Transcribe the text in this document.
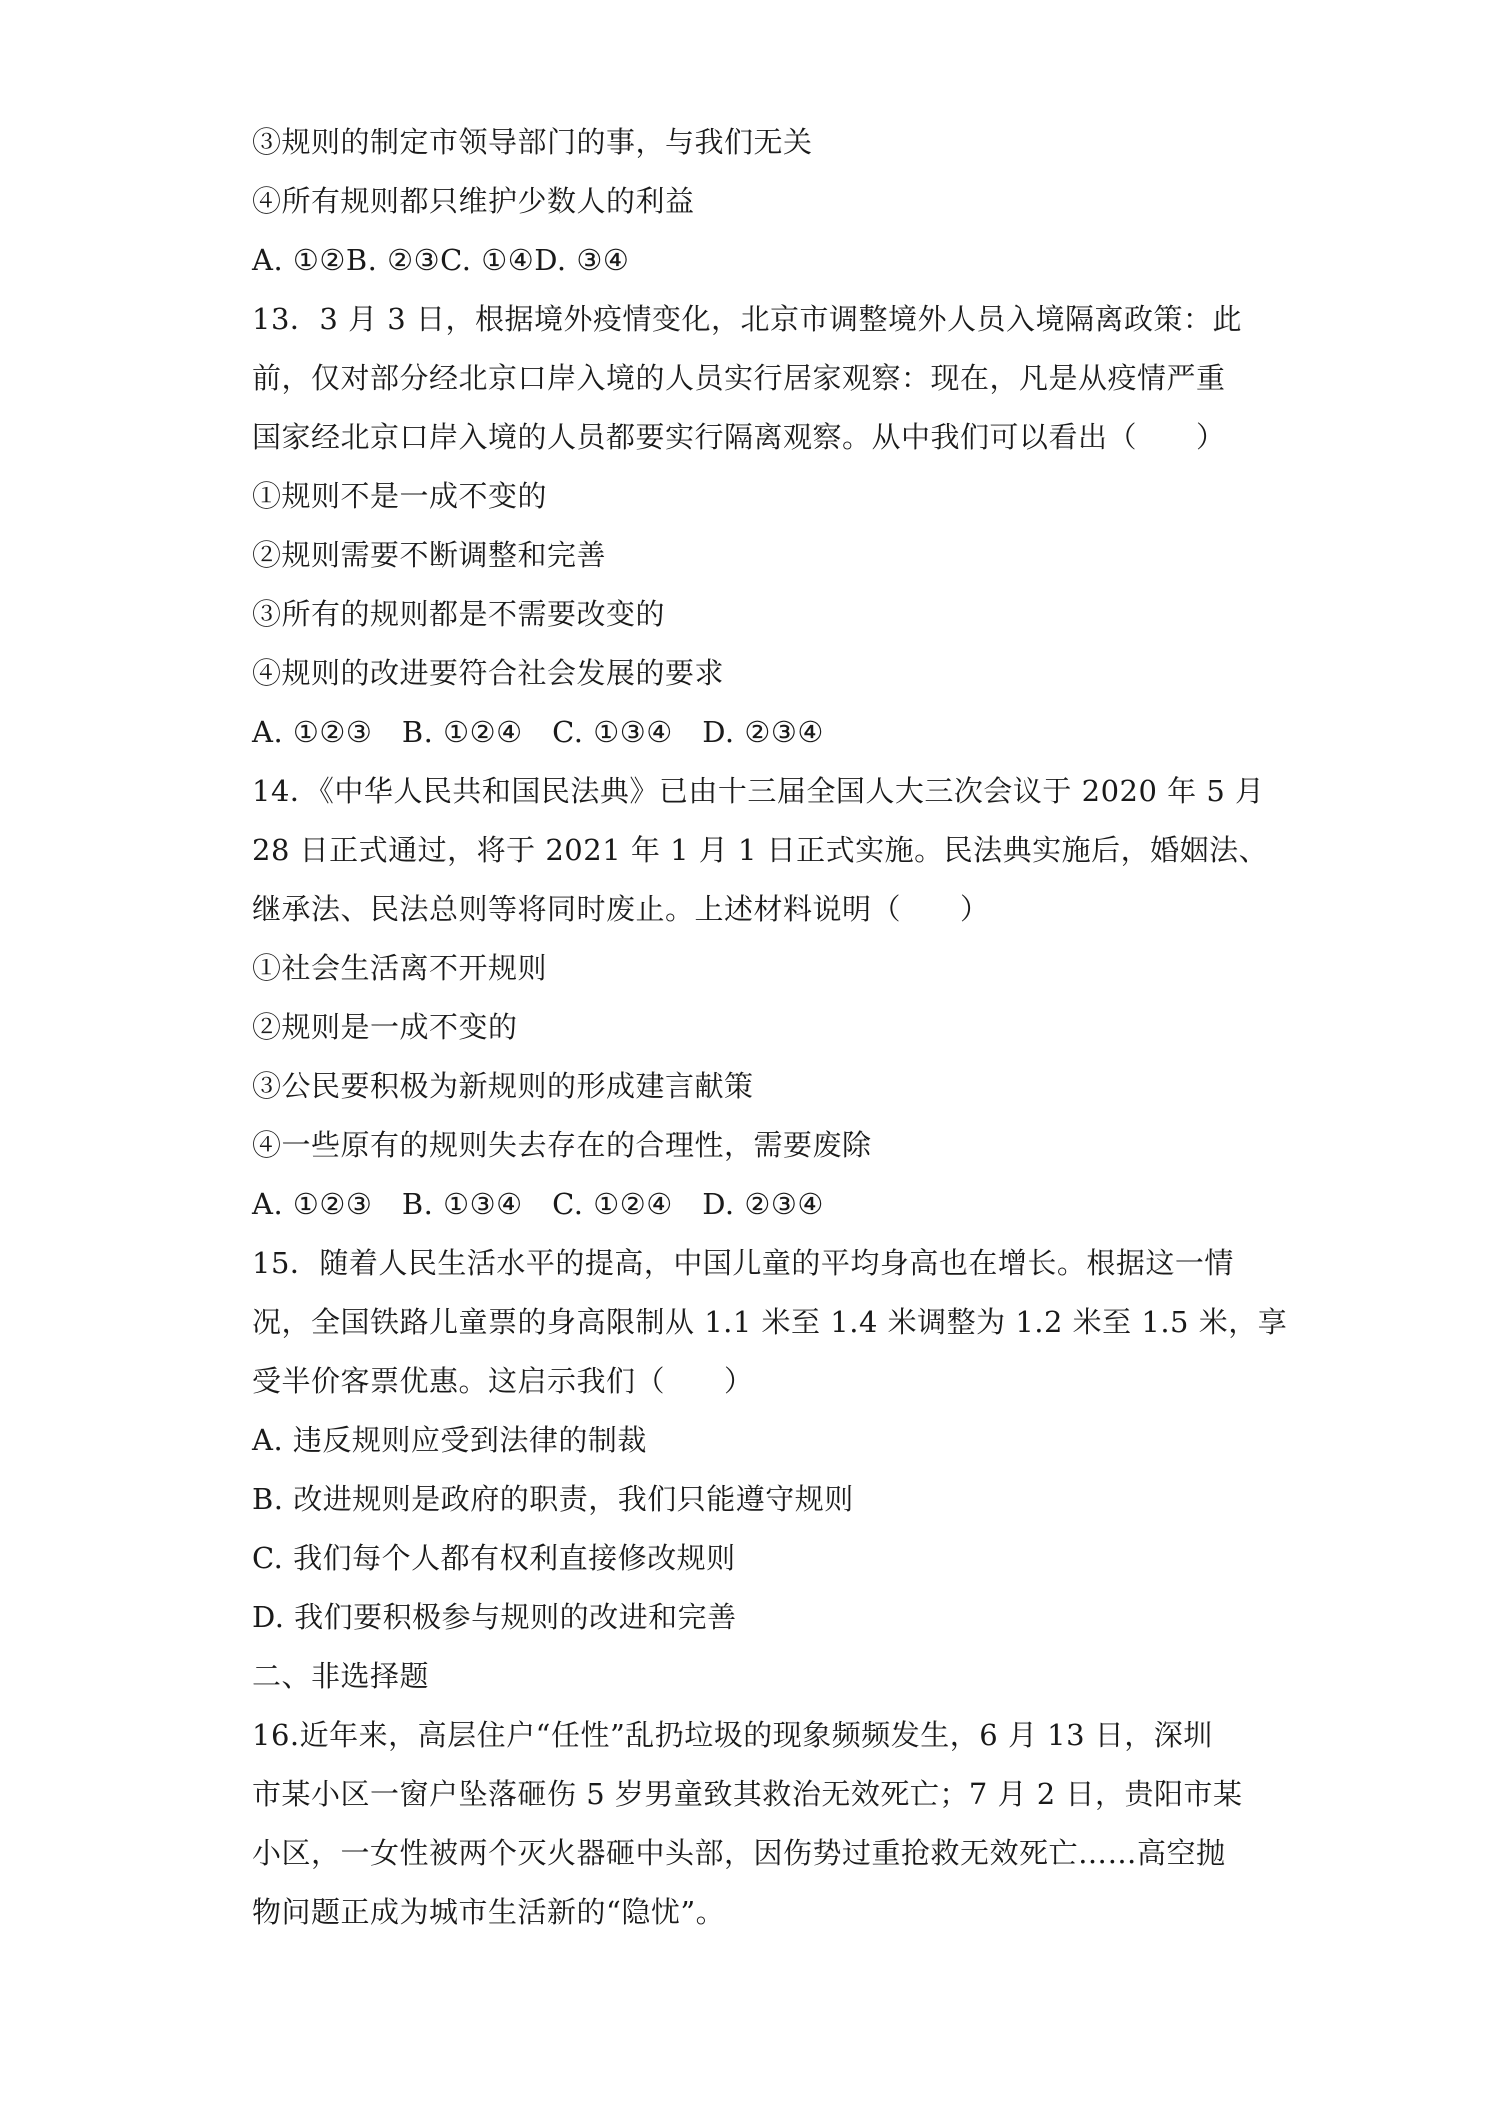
③规则的制定市领导部门的事，与我们无关
④所有规则都只维护少数人的利益
A. ①②B. ②③C. ①④D. ③④
13．3 月 3 日，根据境外疫情变化，北京市调整境外人员入境隔离政策：此
前，仅对部分经北京口岸入境的人员实行居家观察：现在，凡是从疫情严重
国家经北京口岸入境的人员都要实行隔离观察。从中我们可以看出（　　）
①规则不是一成不变的
②规则需要不断调整和完善
③所有的规则都是不需要改变的
④规则的改进要符合社会发展的要求
A. ①②③　B. ①②④　C. ①③④　D. ②③④
14．《中华人民共和国民法典》已由十三届全国人大三次会议于 2020 年 5 月
28 日正式通过，将于 2021 年 1 月 1 日正式实施。民法典实施后，婚姻法、
继承法、民法总则等将同时废止。上述材料说明（　　）
①社会生活离不开规则
②规则是一成不变的
③公民要积极为新规则的形成建言献策
④一些原有的规则失去存在的合理性，需要废除
A. ①②③　B. ①③④　C. ①②④　D. ②③④
15．随着人民生活水平的提高，中国儿童的平均身高也在增长。根据这一情
况，全国铁路儿童票的身高限制从 1.1 米至 1.4 米调整为 1.2 米至 1.5 米，享
受半价客票优惠。这启示我们（　　）
A. 违反规则应受到法律的制裁
B. 改进规则是政府的职责，我们只能遵守规则
C. 我们每个人都有权利直接修改规则
D. 我们要积极参与规则的改进和完善
二、非选择题
16.近年来，高层住户“任性”乱扔垃圾的现象频频发生，6 月 13 日，深圳
市某小区一窗户坠落砸伤 5 岁男童致其救治无效死亡；7 月 2 日，贵阳市某
小区，一女性被两个灭火器砸中头部，因伤势过重抢救无效死亡……高空抛
物问题正成为城市生活新的“隐忧”。
